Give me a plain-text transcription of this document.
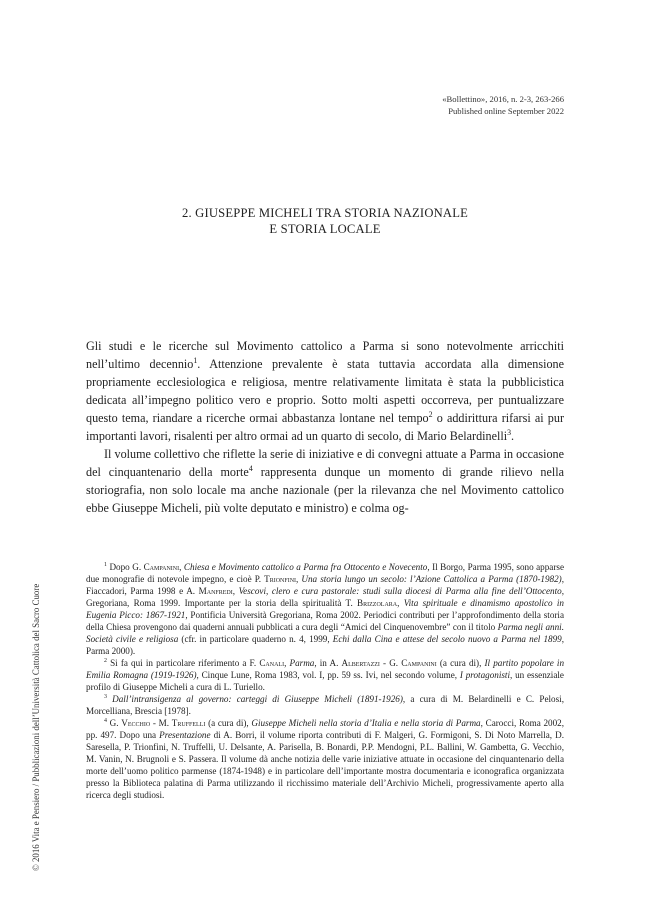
«Bollettino», 2016, n. 2-3, 263-266
Published online September 2022
2. GIUSEPPE MICHELI TRA STORIA NAZIONALE
E STORIA LOCALE

Gli studi e le ricerche sul Movimento cattolico a Parma si sono notevolmente arricchiti nell’ultimo decennio$^1$. Attenzione prevalente è stata tuttavia accordata alla dimensione propriamente ecclesiologica e religiosa, mentre relativamente limitata è stata la pubblicistica dedicata all’impegno politico vero e proprio. Sotto molti aspetti occorreva, per puntualizzare questo tema, riandare a ricerche ormai abbastanza lontane nel tempo$^2$ o addirittura rifarsi ai pur importanti lavori, risalenti per altro ormai ad un quarto di secolo, di Mario Belardinelli$^3$.

Il volume collettivo che riflette la serie di iniziative e di convegni attuate a Parma in occasione del cinquantenario della morte$^4$ rappresenta dunque un momento di grande rilievo nella storiografia, non solo locale ma anche nazionale (per la rilevanza che nel Movimento cattolico ebbe Giuseppe Micheli, più volte deputato e ministro) e colma og-

$^1$ Dopo G. Campanini, Chiesa e Movimento cattolico a Parma fra Ottocento e Novecento, Il Borgo, Parma 1995, sono apparse due monografie di notevole impegno, e cioè P. Trionfini, Una storia lungo un secolo: l’Azione Cattolica a Parma (1870-1982), Fiaccadori, Parma 1998 e A. Manfredi, Vescovi, clero e cura pastorale: studi sulla diocesi di Parma alla fine dell’Ottocento, Gregoriana, Roma 1999. Importante per la storia della spiritualità T. Brizzolara, Vita spirituale e dinamismo apostolico in Eugenia Picco: 1867-1921, Pontificia Università Gregoriana, Roma 2002. Periodici contributi per l’approfondimento della storia della Chiesa provengono dai quaderni annuali pubblicati a cura degli “Amici del Cinquenovembre” con il titolo Parma negli anni. Società civile e religiosa (cfr. in particolare quaderno n. 4, 1999, Echi dalla Cina e attese del secolo nuovo a Parma nel 1899, Parma 2000).

$^2$ Si fa qui in particolare riferimento a F. Canali, Parma, in A. Albertazzi - G. Campanini (a cura di), Il partito popolare in Emilia Romagna (1919-1926), Cinque Lune, Roma 1983, vol. I, pp. 59 ss. Ivi, nel secondo volume, I protagonisti, un essenziale profilo di Giuseppe Micheli a cura di L. Turiello.

$^3$ Dall’intransigenza al governo: carteggi di Giuseppe Micheli (1891-1926), a cura di M. Belardinelli e C. Pelosi, Morcelliana, Brescia [1978].

$^4$ G. Vecchio - M. Truffelli (a cura di), Giuseppe Micheli nella storia d’Italia e nella storia di Parma, Carocci, Roma 2002, pp. 497. Dopo una Presentazione di A. Borri, il volume riporta contributi di F. Malgeri, G. Formigoni, S. Di Noto Marrella, D. Saresella, P. Trionfini, N. Truffelli, U. Delsante, A. Parisella, B. Bonardi, P.P. Mendogni, P.L. Ballini, W. Gambetta, G. Vecchio, M. Vanin, N. Brugnoli e S. Passera. Il volume dà anche notizia delle varie iniziative attuate in occasione del cinquantenario della morte dell’uomo politico parmense (1874-1948) e in particolare dell’importante mostra documentaria e iconografica organizzata presso la Biblioteca palatina di Parma utilizzando il ricchissimo materiale dell’Archivio Micheli, progressivamente aperto alla ricerca degli studiosi.

© 2016 Vita e Pensiero / Pubblicazioni dell’Università Cattolica del Sacro Cuore
